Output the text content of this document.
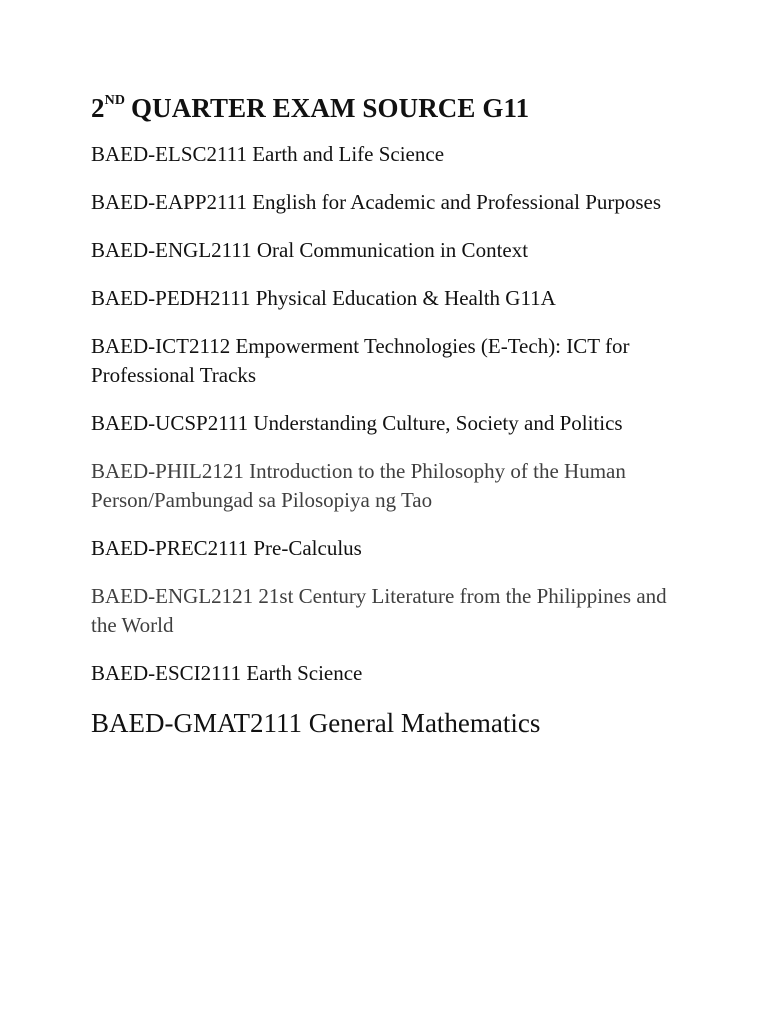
2ND QUARTER EXAM SOURCE G11
BAED-ELSC2111 Earth and Life Science
BAED-EAPP2111 English for Academic and Professional Purposes
BAED-ENGL2111 Oral Communication in Context
BAED-PEDH2111 Physical Education & Health G11A
BAED-ICT2112 Empowerment Technologies (E-Tech): ICT for Professional Tracks
BAED-UCSP2111 Understanding Culture, Society and Politics
BAED-PHIL2121 Introduction to the Philosophy of the Human Person/Pambungad sa Pilosopiya ng Tao
BAED-PREC2111 Pre-Calculus
BAED-ENGL2121 21st Century Literature from the Philippines and the World
BAED-ESCI2111 Earth Science
BAED-GMAT2111 General Mathematics
